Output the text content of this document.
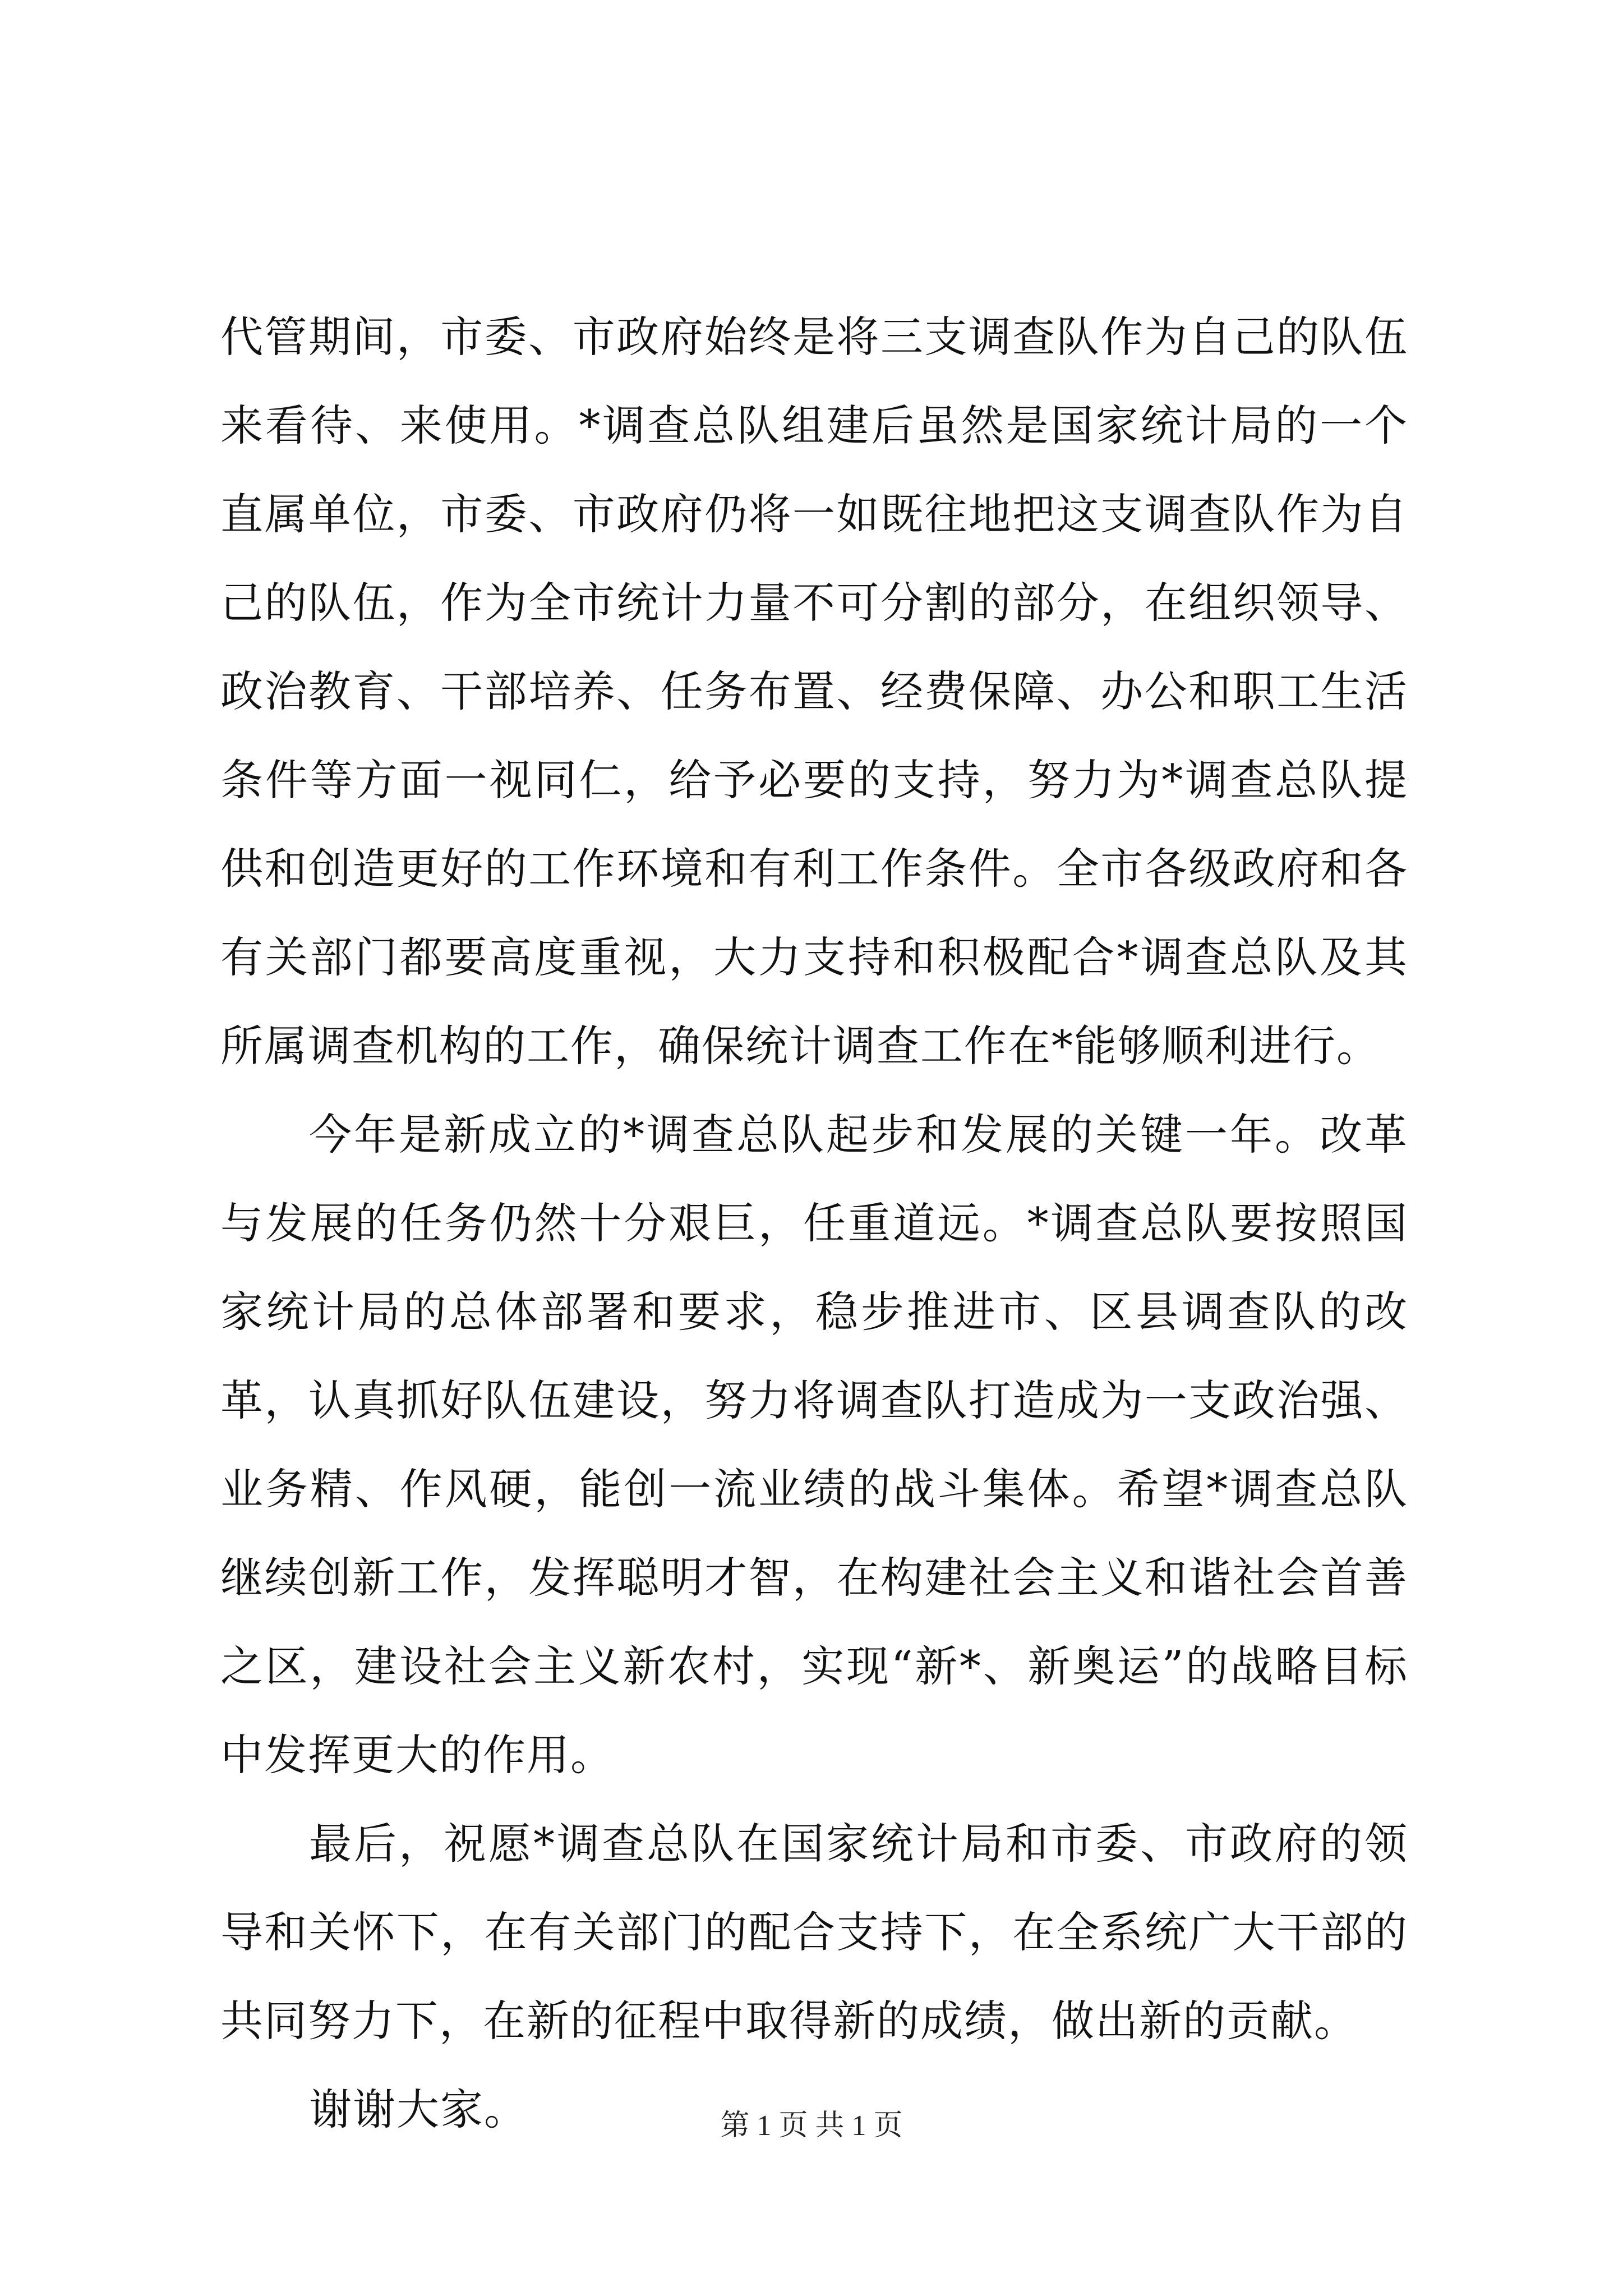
代管期间，市委、市政府始终是将三支调查队作为自己的队伍来看待、来使用。*调查总队组建后虽然是国家统计局的一个直属单位，市委、市政府仍将一如既往地把这支调查队作为自己的队伍，作为全市统计力量不可分割的部分，在组织领导、政治教育、干部培养、任务布置、经费保障、办公和职工生活条件等方面一视同仁，给予必要的支持，努力为*调查总队提供和创造更好的工作环境和有利工作条件。全市各级政府和各有关部门都要高度重视，大力支持和积极配合*调查总队及其所属调查机构的工作，确保统计调查工作在*能够顺利进行。

今年是新成立的*调查总队起步和发展的关键一年。改革与发展的任务仍然十分艰巨，任重道远。*调查总队要按照国家统计局的总体部署和要求，稳步推进市、区县调查队的改革，认真抓好队伍建设，努力将调查队打造成为一支政治强、业务精、作风硬，能创一流业绩的战斗集体。希望*调查总队继续创新工作，发挥聪明才智，在构建社会主义和谐社会首善之区，建设社会主义新农村，实现“新*、新奥运”的战略目标中发挥更大的作用。

最后，祝愿*调查总队在国家统计局和市委、市政府的领导和关怀下，在有关部门的配合支持下，在全系统广大干部的共同努力下，在新的征程中取得新的成绩，做出新的贡献。

谢谢大家。	第 1 页 共 1 页
